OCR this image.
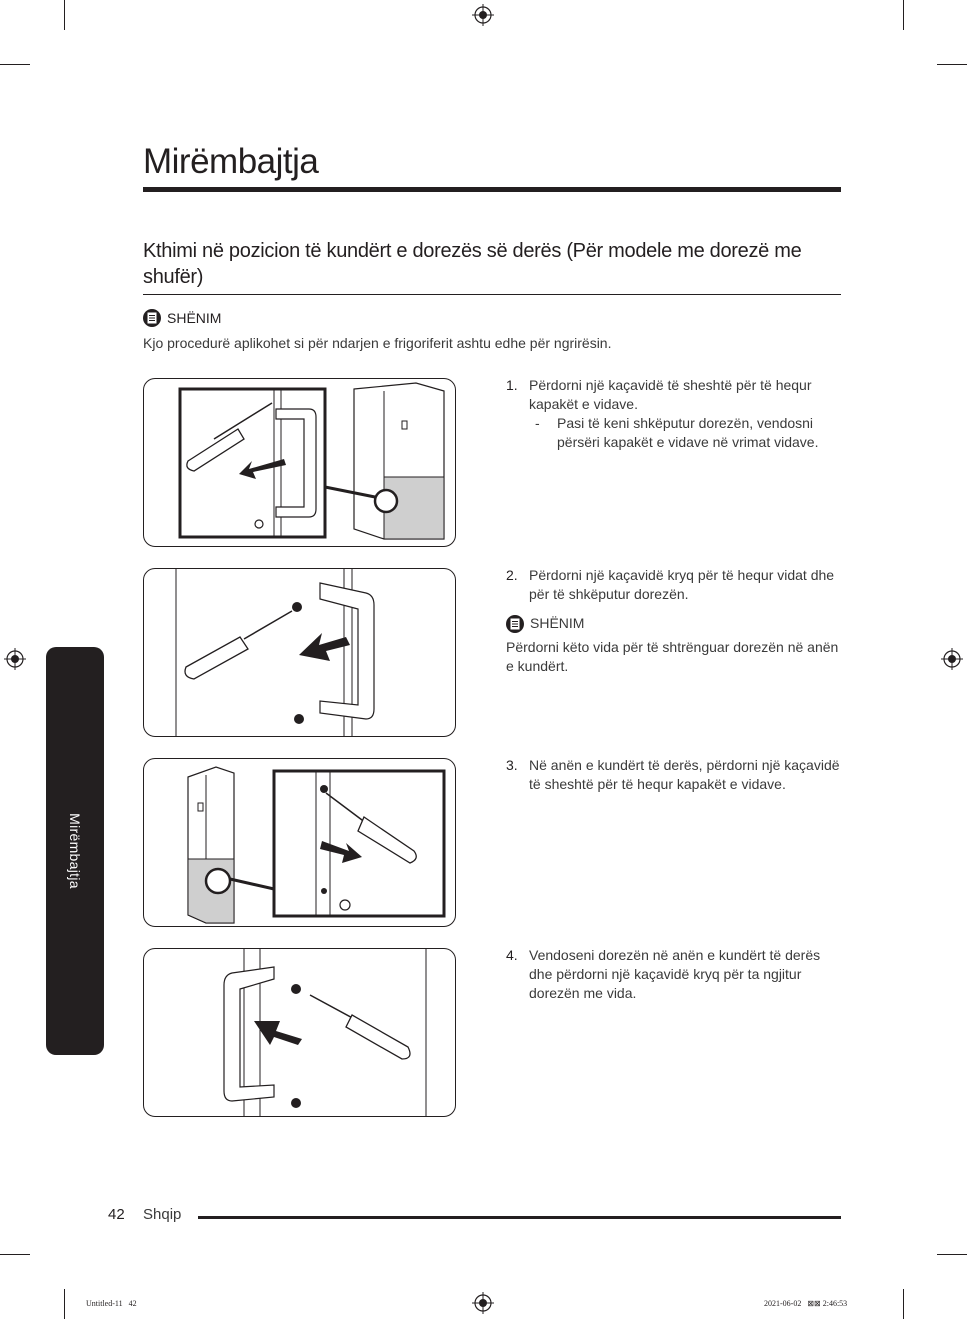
Mirëmbajtja
Kthimi në pozicion të kundërt e dorezës së derës (Për modele me dorezë me shufër)
SHËNIM
Kjo procedurë aplikohet si për ndarjen e frigoriferit ashtu edhe për ngrirësin.
1. Përdorni një kaçavidë të sheshtë për të hequr kapakët e vidave.
- Pasi të keni shkëputur dorezën, vendosni përsëri kapakët e vidave në vrimat vidave.
2. Përdorni një kaçavidë kryq për të hequr vidat dhe për të shkëputur dorezën.
SHËNIM
Përdorni këto vida për të shtrënguar dorezën në anën e kundërt.
3. Në anën e kundërt të derës, përdorni një kaçavidë të sheshtë për të hequr kapakët e vidave.
4. Vendoseni dorezën në anën e kundërt të derës dhe përdorni një kaçavidë kryq për ta ngjitur dorezën me vida.
Mirëmbajtja
42 Shqip
Untitled-11   42	2021-06-02   ⊠⊠ 2:46:53
